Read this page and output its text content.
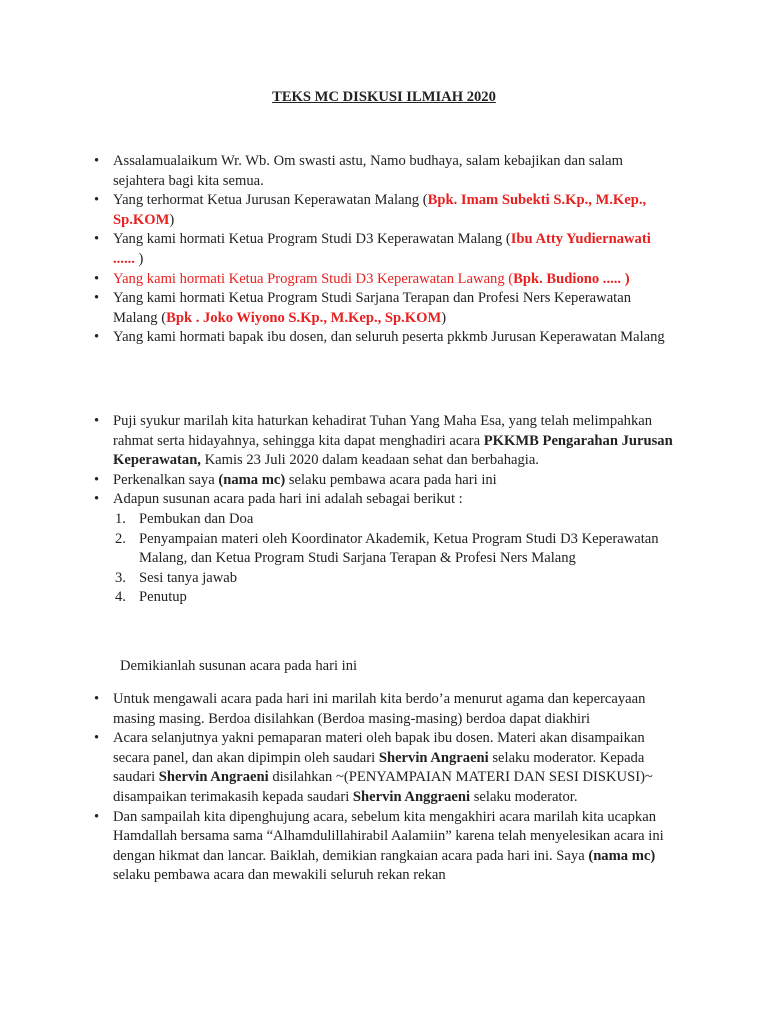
TEKS MC DISKUSI ILMIAH 2020
• Assalamualaikum Wr. Wb. Om swasti astu, Namo budhaya, salam kebajikan dan salam sejahtera bagi kita semua.
• Yang terhormat Ketua Jurusan Keperawatan Malang (Bpk. Imam Subekti S.Kp., M.Kep., Sp.KOM)
• Yang kami hormati Ketua Program Studi D3 Keperawatan Malang (Ibu Atty Yudiernawati ...... )
• Yang kami hormati Ketua Program Studi D3 Keperawatan Lawang (Bpk. Budiono ..... )
• Yang kami hormati Ketua Program Studi Sarjana Terapan dan Profesi Ners Keperawatan Malang (Bpk . Joko Wiyono S.Kp., M.Kep., Sp.KOM)
• Yang kami hormati bapak ibu dosen, dan seluruh peserta pkkmb Jurusan Keperawatan Malang
• Puji syukur marilah kita haturkan kehadirat Tuhan Yang Maha Esa, yang telah melimpahkan rahmat serta hidayahnya, sehingga kita dapat menghadiri acara PKKMB Pengarahan Jurusan Keperawatan, Kamis 23 Juli 2020 dalam keadaan sehat dan berbahagia.
• Perkenalkan saya (nama mc) selaku pembawa acara pada hari ini
• Adapun susunan acara pada hari ini adalah sebagai berikut :
1. Pembukan dan Doa
2. Penyampaian materi oleh Koordinator Akademik, Ketua Program Studi D3 Keperawatan Malang, dan Ketua Program Studi Sarjana Terapan & Profesi Ners Malang
3. Sesi tanya jawab
4. Penutup
Demikianlah susunan acara pada hari ini
• Untuk mengawali acara pada hari ini marilah kita berdo’a menurut agama dan kepercayaan masing masing. Berdoa disilahkan (Berdoa masing-masing) berdoa dapat diakhiri
• Acara selanjutnya yakni pemaparan materi oleh bapak ibu dosen. Materi akan disampaikan secara panel, dan akan dipimpin oleh saudari Shervin Angraeni selaku moderator. Kepada saudari Shervin Angraeni disilahkan ~(PENYAMPAIAN MATERI DAN SESI DISKUSI)~ disampaikan terimakasih kepada saudari Shervin Anggraeni selaku moderator.
• Dan sampailah kita dipenghujung acara, sebelum kita mengakhiri acara marilah kita ucapkan Hamdallah bersama sama “Alhamdulillahirabil Aalamiin” karena telah menyelesikan acara ini dengan hikmat dan lancar. Baiklah, demikian rangkaian acara pada hari ini. Saya (nama mc) selaku pembawa acara dan mewakili seluruh rekan rekan
